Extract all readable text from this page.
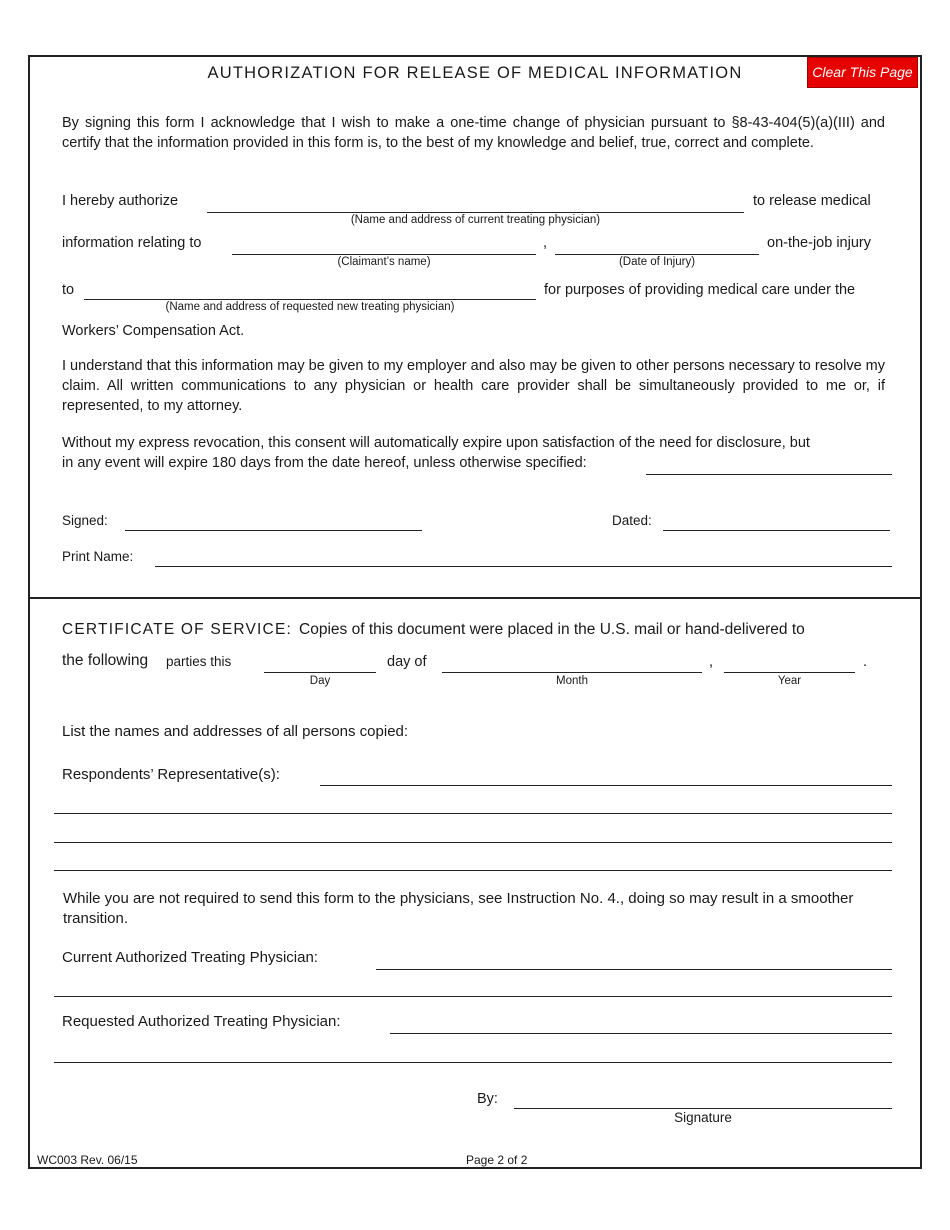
AUTHORIZATION FOR RELEASE OF MEDICAL INFORMATION	Clear This Page
By signing this form I acknowledge that I wish to make a one-time change of physician pursuant to §8-43-404(5)(a)(III) and certify that the information provided in this form is, to the best of my knowledge and belief, true, correct and complete.
I hereby authorize	to release medical
(Name and address of current treating physician)
information relating to	,	on-the-job injury
(Claimant’s name)	(Date of Injury)
to	for purposes of providing medical care under the
(Name and address of requested new treating physician)
Workers’ Compensation Act.
I understand that this information may be given to my employer and also may be given to other persons necessary to resolve my claim. All written communications to any physician or health care provider shall be simultaneously provided to me or, if represented, to my attorney.
Without my express revocation, this consent will automatically expire upon satisfaction of the need for disclosure, but
in any event will expire 180 days from the date hereof, unless otherwise specified:
Signed:	Dated:
Print Name:
CERTIFICATE OF SERVICE: Copies of this document were placed in the U.S. mail or hand-delivered to
the following parties this	day of	,	.
Day	Month	Year
List the names and addresses of all persons copied:
Respondents’ Representative(s):
While you are not required to send this form to the physicians, see Instruction No. 4., doing so may result in a smoother transition.
Current Authorized Treating Physician:
Requested Authorized Treating Physician:
By:
Signature
WC003 Rev. 06/15	Page 2 of 2
